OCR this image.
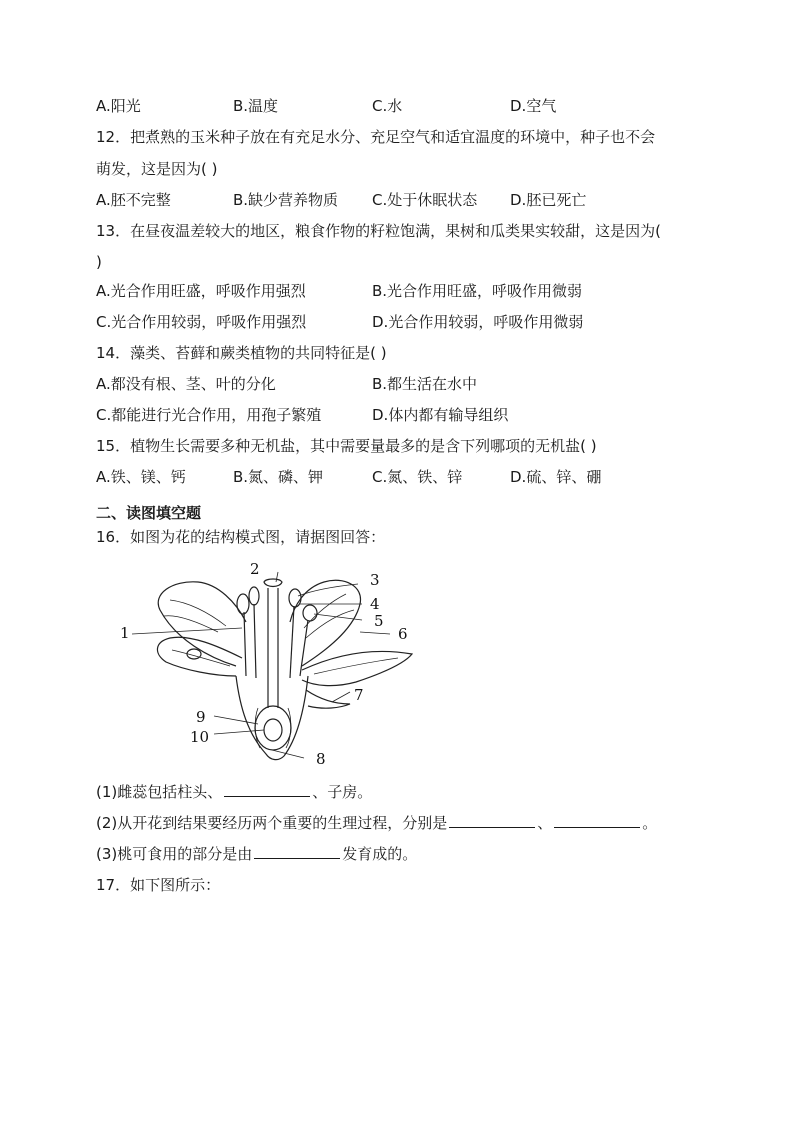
A.阳光	B.温度	C.水	D.空气
12．把煮熟的玉米种子放在有充足水分、充足空气和适宜温度的环境中，种子也不会
萌发，这是因为( )
A.胚不完整	B.缺少营养物质 C.处于休眠状态 D.胚已死亡
13．在昼夜温差较大的地区，粮食作物的籽粒饱满，果树和瓜类果实较甜，这是因为(
)
A.光合作用旺盛，呼吸作用强烈	B.光合作用旺盛，呼吸作用微弱
C.光合作用较弱，呼吸作用强烈	D.光合作用较弱，呼吸作用微弱
14．藻类、苔藓和蕨类植物的共同特征是( )
A.都没有根、茎、叶的分化	B.都生活在水中
C.都能进行光合作用，用孢子繁殖	D.体内都有输导组织
15．植物生长需要多种无机盐，其中需要量最多的是含下列哪项的无机盐( )
A.铁、镁、钙	B.氮、磷、钾	C.氮、铁、锌	D.硫、锌、硼
二、读图填空题
16．如图为花的结构模式图，请据图回答：
2
3
4
5
6
1
7
9
10
8
(1)雌蕊包括柱头、	、子房。
(2)从开花到结果要经历两个重要的生理过程，分别是	、	。
(3)桃可食用的部分是由	发育成的。
17．如下图所示：
